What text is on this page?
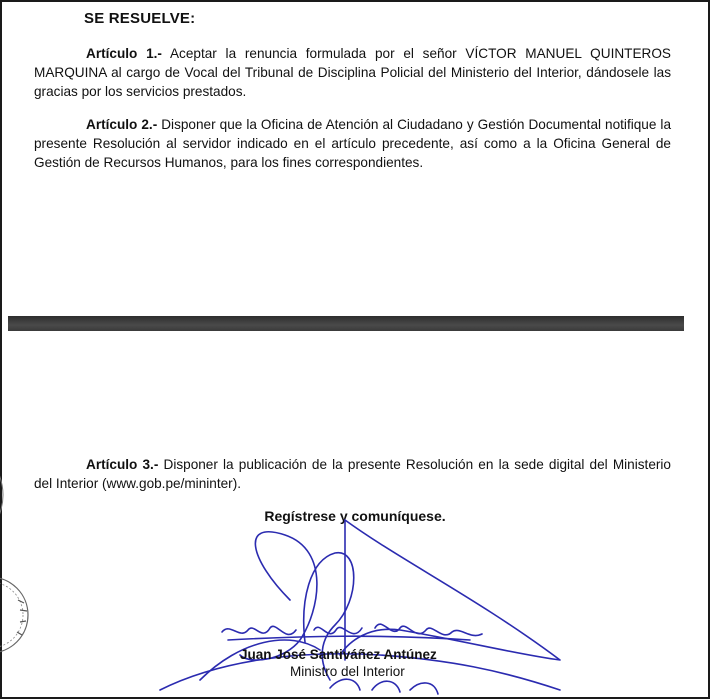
SE RESUELVE:
Artículo 1.- Aceptar la renuncia formulada por el señor VÍCTOR MANUEL QUINTEROS MARQUINA al cargo de Vocal del Tribunal de Disciplina Policial del Ministerio del Interior, dándosele las gracias por los servicios prestados.
Artículo 2.- Disponer que la Oficina de Atención al Ciudadano y Gestión Documental notifique la presente Resolución al servidor indicado en el artículo precedente, así como a la Oficina General de Gestión de Recursos Humanos, para los fines correspondientes.
Artículo 3.- Disponer la publicación de la presente Resolución en la sede digital del Ministerio del Interior (www.gob.pe/mininter).
Regístrese y comuníquese.
Juan José Santiváñez Antúnez
Ministro del Interior
